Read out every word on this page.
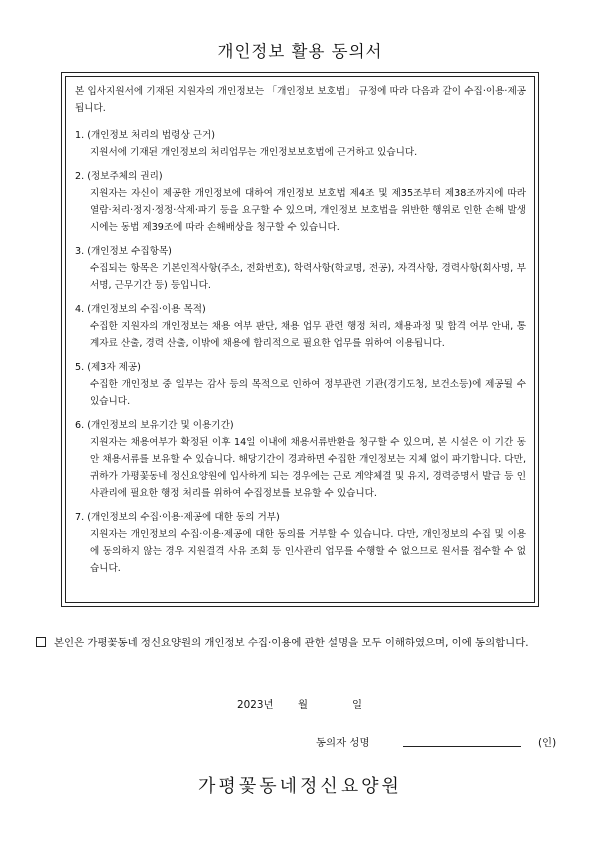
개인정보 활용 동의서

본 입사지원서에 기재된 지원자의 개인정보는 「개인정보 보호법」 규정에 따라 다음과 같이 수집·이용·제공됩니다.

1. (개인정보 처리의 법령상 근거)

지원서에 기재된 개인정보의 처리업무는 개인정보보호법에 근거하고 있습니다.

2. (정보주체의 권리)

지원자는 자신이 제공한 개인정보에 대하여 개인정보 보호법 제4조 및 제35조부터 제38조까지에 따라 열람·처리·정지·정정·삭제·파기 등을 요구할 수 있으며, 개인정보 보호법을 위반한 행위로 인한 손해 발생 시에는 동법 제39조에 따라 손해배상을 청구할 수 있습니다.

3. (개인정보 수집항목)

수집되는 항목은 기본인적사항(주소, 전화번호), 학력사항(학교명, 전공), 자격사항, 경력사항(회사명, 부서명, 근무기간 등) 등입니다.

4. (개인정보의 수집·이용 목적)

수집한 지원자의 개인정보는 채용 여부 판단, 채용 업무 관련 행정 처리, 채용과정 및 합격 여부 안내, 통계자료 산출, 경력 산출, 이밖에 채용에 합리적으로 필요한 업무를 위하여 이용됩니다.

5. (제3자 제공)

수집한 개인정보 중 일부는 감사 등의 목적으로 인하여 정부관련 기관(경기도청, 보건소등)에 제공될 수 있습니다.

6. (개인정보의 보유기간 및 이용기간)

지원자는 채용여부가 확정된 이후 14일 이내에 채용서류반환을 청구할 수 있으며, 본 시설은 이 기간 동안 채용서류를 보유할 수 있습니다. 해당기간이 경과하면 수집한 개인정보는 지체 없이 파기합니다. 다만, 귀하가 가평꽃동네 정신요양원에 입사하게 되는 경우에는 근로 계약체결 및 유지, 경력증명서 발급 등 인사관리에 필요한 행정 처리를 위하여 수집정보를 보유할 수 있습니다.

7. (개인정보의 수집·이용·제공에 대한 동의 거부)

지원자는 개인정보의 수집·이용·제공에 대한 동의를 거부할 수 있습니다. 다만, 개인정보의 수집 및 이용에 동의하지 않는 경우 지원결격 사유 조회 등 인사관리 업무를 수행할 수 없으므로 원서를 접수할 수 없습니다.

본인은 가평꽃동네 정신요양원의 개인정보 수집·이용에 관한 설명을 모두 이해하였으며, 이에 동의합니다.
2023년 월	일
동의자 성명	(인)
가평꽃동네정신요양원
